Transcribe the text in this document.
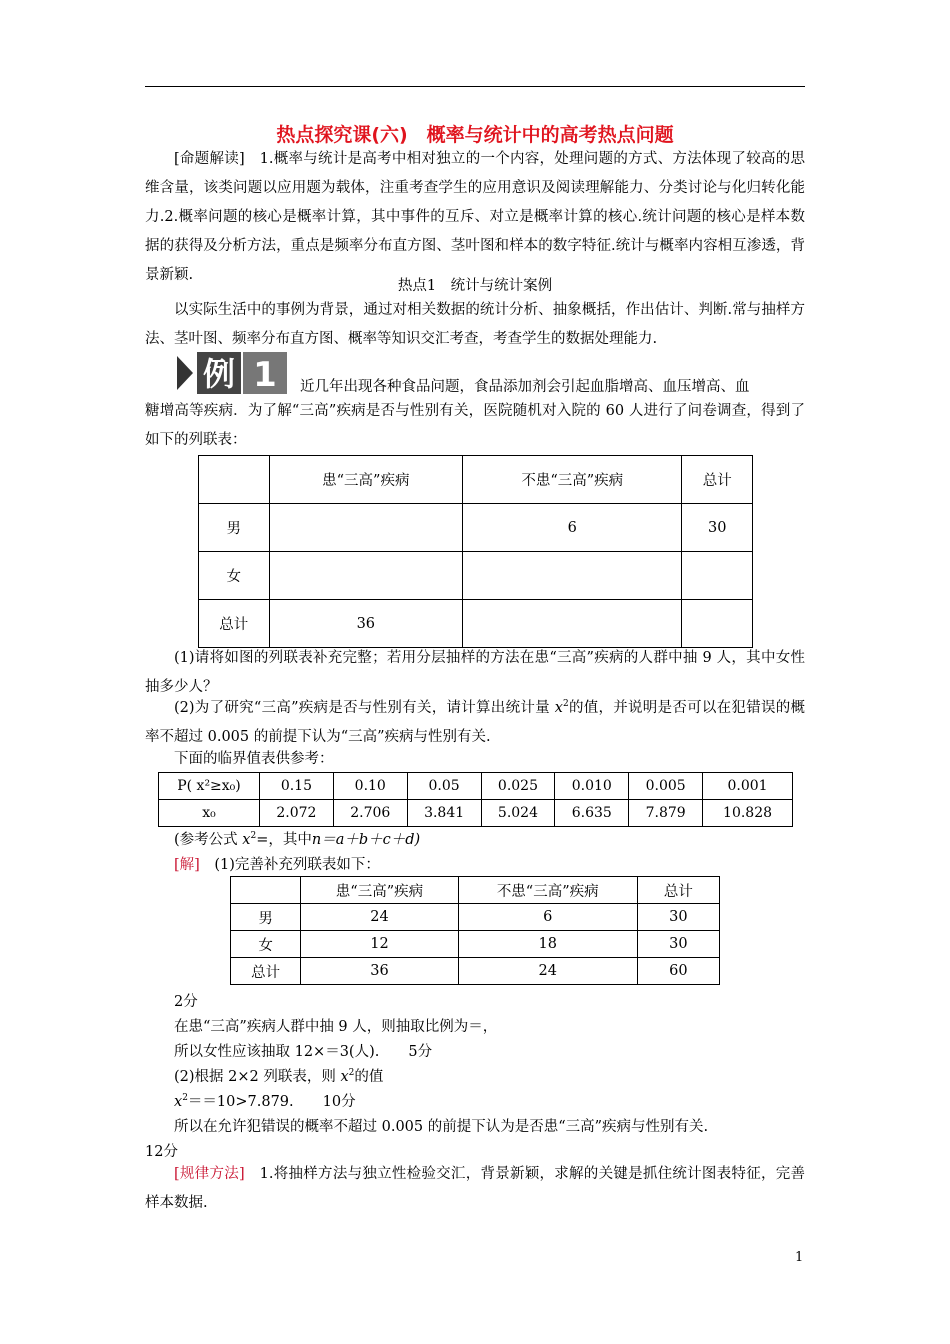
热点探究课(六)　概率与统计中的高考热点问题

[命题解读]　 1.概率与统计是高考中相对独立的一个内容，处理问题的方式、方法体现了较高的思维含量，该类问题以应用题为载体，注重考查学生的应用意识及阅读理解能力、分类讨论与化归转化能力.2.概率问题的核心是概率计算，其中事件的互斥、对立是概率计算的核心.统计问题的核心是样本数据的获得及分析方法，重点是频率分布直方图、茎叶图和样本的数字特征.统计与概率内容相互渗透，背景新颖.

热点1　统计与统计案例

以实际生活中的事例为背景，通过对相关数据的统计分析、抽象概括，作出估计、判断.常与抽样方法、茎叶图、频率分布直方图、概率等知识交汇考查，考查学生的数据处理能力.

例 1 近几年出现各种食品问题，食品添加剂会引起血脂增高、血压增高、血

糖增高等疾病．为了解“三高”疾病是否与性别有关，医院随机对入院的 60 人进行了问卷调查，得到了如下的列联表：

	患“三高”疾病	不患“三高”疾病	总计
男		6	30
女			
总计	36		

(1)请将如图的列联表补充完整；若用分层抽样的方法在患“三高”疾病的人群中抽 9 人，其中女性抽多少人？

(2)为了研究“三高”疾病是否与性别有关，请计算出统计量 $x^2$的值，并说明是否可以在犯错误的概率不超过 0.005 的前提下认为“三高”疾病与性别有关.

下面的临界值表供参考：
P( x²≥x₀)	0.15	0.10	0.05	0.025	0.010	0.005	0.001
x₀	2.072	2.706	3.841	5.024	6.635	7.879	10.828
(参考公式 $x^2=$，其中n＝a＋b＋c＋d)
[解]　 (1)完善补充列联表如下：
	患“三高”疾病	不患“三高”疾病	总计
男	24	6	30
女	12	18	30
总计	36	24	60
2分
在患“三高”疾病人群中抽 9 人，则抽取比例为＝，
所以女性应该抽取 12×＝3(人).　　5分
(2)根据 2×2 列联表，则 $x^2$的值
$x^2==10>7.879$.　　10分
所以在允许犯错误的概率不超过 0.005 的前提下认为是否患“三高”疾病与性别有关.
12分

[规律方法]　 1.将抽样方法与独立性检验交汇，背景新颖，求解的关键是抓住统计图表特征，完善样本数据.

1
